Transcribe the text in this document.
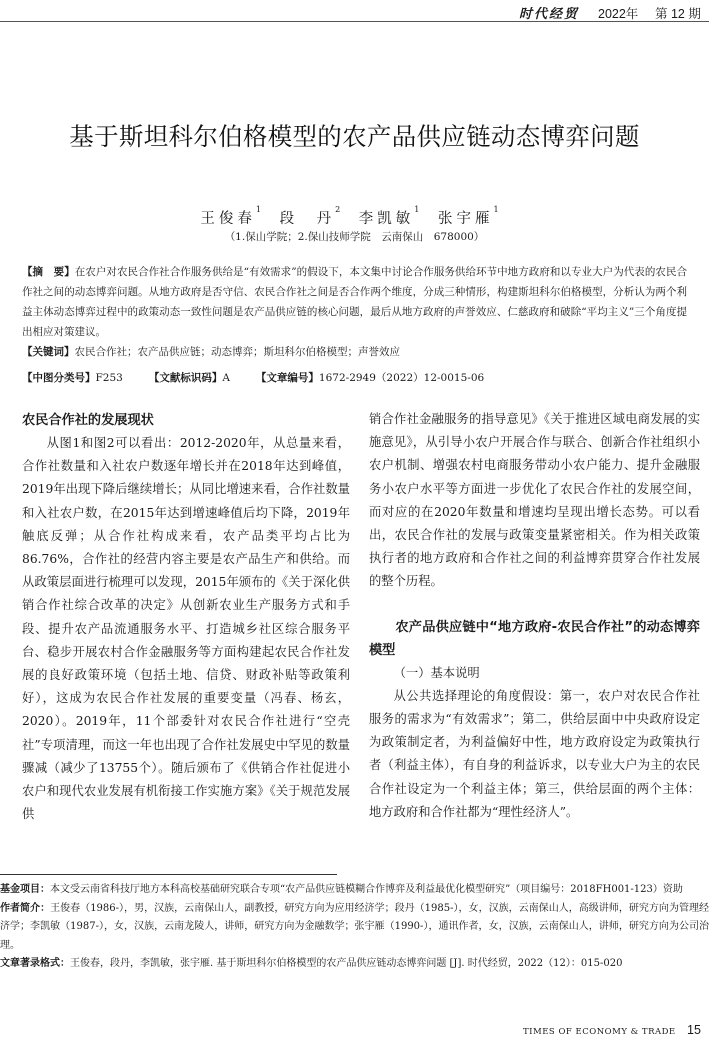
时代经贸 2022年 第 12 期
基于斯坦科尔伯格模型的农产品供应链动态博弈问题
王俊春$^1$ 段　丹$^2$ 李凯敏$^1$ 张宇雁$^1$
（1.保山学院；2.保山技师学院　云南保山　678000）
【摘　要】在农户对农民合作社合作服务供给是“有效需求”的假设下，本文集中讨论合作服务供给环节中地方政府和以专业大户为代表的农民合作社之间的动态博弈问题。从地方政府是否守信、农民合作社之间是否合作两个维度，分成三种情形，构建斯坦科尔伯格模型，分析认为两个利益主体动态博弈过程中的政策动态一致性问题是农产品供应链的核心问题，最后从地方政府的声誉效应、仁慈政府和破除“平均主义”三个角度提出相应对策建议。
【关键词】农民合作社；农产品供应链；动态博弈；斯坦科尔伯格模型；声誉效应
【中图分类号】F253 【文献标识码】A 【文章编号】1672-2949（2022）12-0015-06
农民合作社的发展现状

从图1和图2可以看出：2012-2020年，从总量来看，合作社数量和入社农户数逐年增长并在2018年达到峰值，2019年出现下降后继续增长；从同比增速来看，合作社数量和入社农户数，在2015年达到增速峰值后均下降，2019年触底反弹；从合作社构成来看，农产品类平均占比为86.76%，合作社的经营内容主要是农产品生产和供给。而从政策层面进行梳理可以发现，2015年颁布的《关于深化供销合作社综合改革的决定》从创新农业生产服务方式和手段、提升农产品流通服务水平、打造城乡社区综合服务平台、稳步开展农村合作金融服务等方面构建起农民合作社发展的良好政策环境（包括土地、信贷、财政补贴等政策利好），这成为农民合作社发展的重要变量（冯春、杨玄，2020）。2019年，11个部委针对农民合作社进行“空壳社”专项清理，而这一年也出现了合作社发展史中罕见的数量骤减（减少了13755个）。随后颁布了《供销合作社促进小农户和现代农业发展有机衔接工作实施方案》《关于规范发展供

销合作社金融服务的指导意见》《关于推进区域电商发展的实施意见》，从引导小农户开展合作与联合、创新合作社组织小农户机制、增强农村电商服务带动小农户能力、提升金融服务小农户水平等方面进一步优化了农民合作社的发展空间，而对应的在2020年数量和增速均呈现出增长态势。可以看出，农民合作社的发展与政策变量紧密相关。作为相关政策执行者的地方政府和合作社之间的利益博弈贯穿合作社发展的整个历程。

农产品供应链中“地方政府-农民合作社”的动态博弈模型

（一）基本说明

从公共选择理论的角度假设：第一，农户对农民合作社服务的需求为“有效需求”；第二，供给层面中中央政府设定为政策制定者，为利益偏好中性，地方政府设定为政策执行者（利益主体），有自身的利益诉求，以专业大户为主的农民合作社设定为一个利益主体；第三，供给层面的两个主体：地方政府和合作社都为“理性经济人”。

基金项目：本文受云南省科技厅地方本科高校基础研究联合专项“农产品供应链模糊合作博弈及利益最优化模型研究”（项目编号：2018FH001-123）资助
作者简介：王俊春（1986-），男，汉族，云南保山人，副教授，研究方向为应用经济学；段丹（1985-），女，汉族，云南保山人，高级讲师，研究方向为管理经济学；李凯敏（1987-），女，汉族，云南龙陵人，讲师，研究方向为金融数学；张宇雁（1990-），通讯作者，女，汉族，云南保山人，讲师，研究方向为公司治理。
文章著录格式：王俊春，段丹，李凯敏，张宇雁. 基于斯坦科尔伯格模型的农产品供应链动态博弈问题 [J]. 时代经贸，2022（12）：015-020
TIMES OF ECONOMY & TRADE 15
